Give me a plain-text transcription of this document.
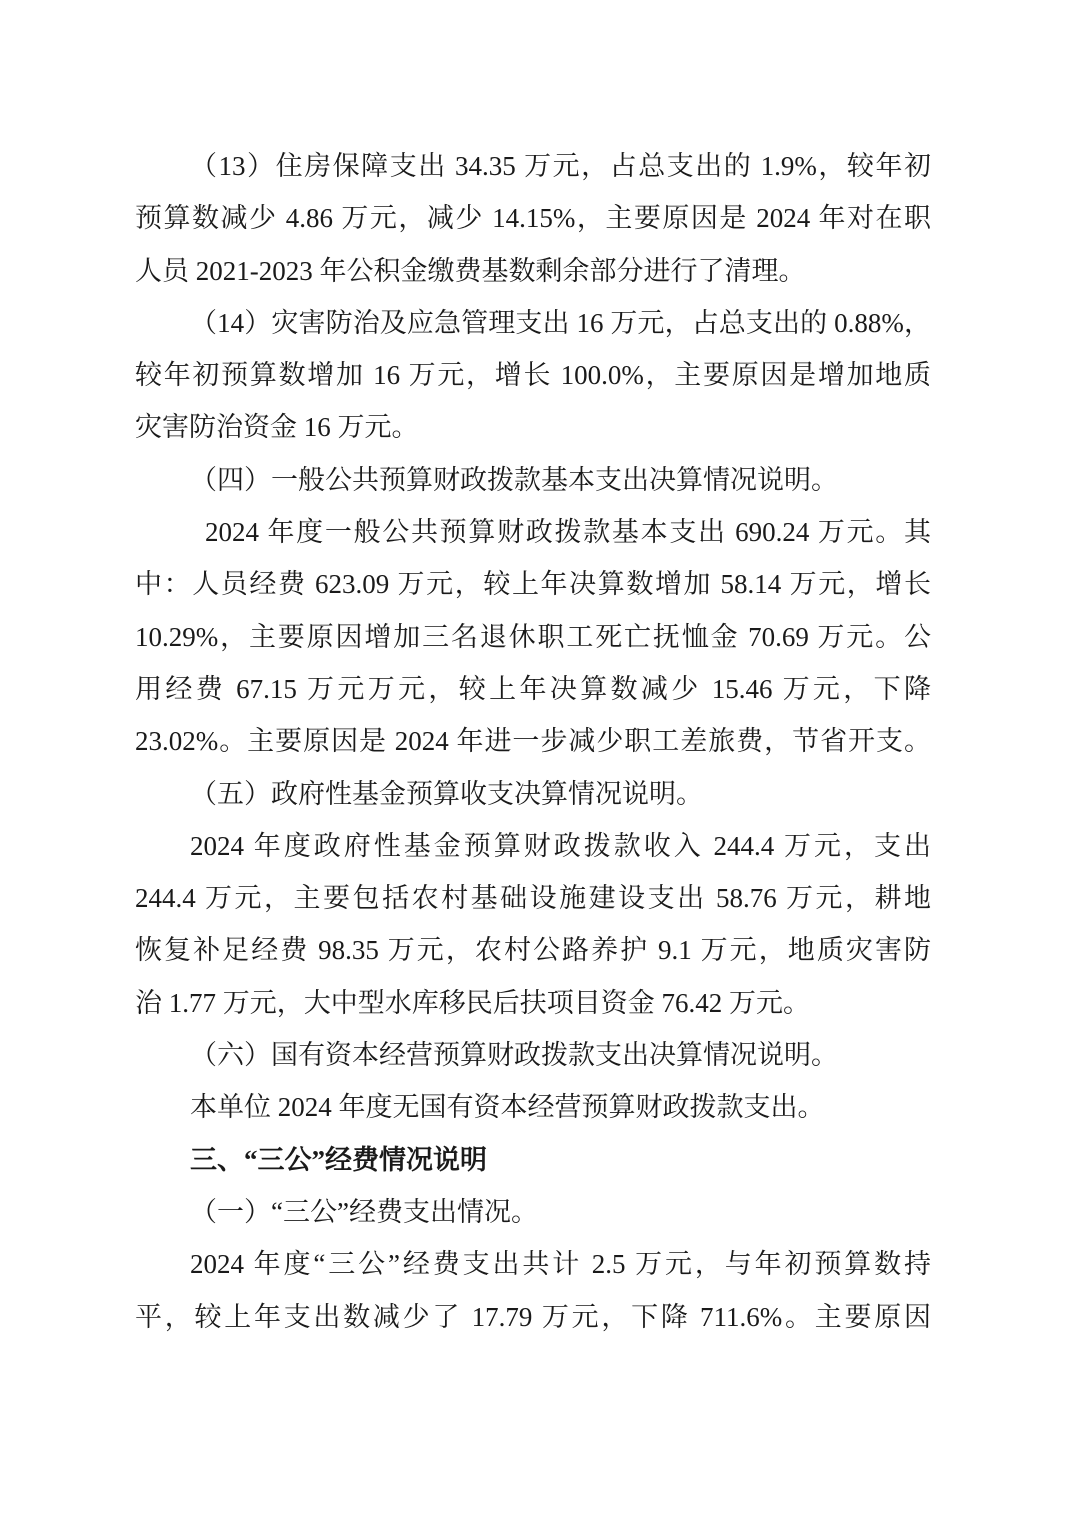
（13）住房保障支出 34.35 万元，占总支出的 1.9%，较年初
预算数减少 4.86 万元，减少 14.15%，主要原因是 2024 年对在职
人员 2021-2023 年公积金缴费基数剩余部分进行了清理。
（14）灾害防治及应急管理支出 16 万元，占总支出的 0.88%，
较年初预算数增加 16 万元，增长 100.0%，主要原因是增加地质
灾害防治资金 16 万元。
（四）一般公共预算财政拨款基本支出决算情况说明。
2024 年度一般公共预算财政拨款基本支出 690.24 万元。其
中：人员经费 623.09 万元，较上年决算数增加 58.14 万元，增长
10.29%，主要原因增加三名退休职工死亡抚恤金 70.69 万元。公
用经费 67.15 万元万元，较上年决算数减少 15.46 万元，下降
23.02%。主要原因是 2024 年进一步减少职工差旅费，节省开支。
（五）政府性基金预算收支决算情况说明。
2024 年度政府性基金预算财政拨款收入 244.4 万元，支出
244.4 万元，主要包括农村基础设施建设支出 58.76 万元，耕地
恢复补足经费 98.35 万元，农村公路养护 9.1 万元，地质灾害防
治 1.77 万元，大中型水库移民后扶项目资金 76.42 万元。
（六）国有资本经营预算财政拨款支出决算情况说明。
本单位 2024 年度无国有资本经营预算财政拨款支出。
三、“三公”经费情况说明
（一）“三公”经费支出情况。
2024 年度“三公”经费支出共计 2.5 万元，与年初预算数持
平，较上年支出数减少了 17.79 万元，下降 711.6%。主要原因
